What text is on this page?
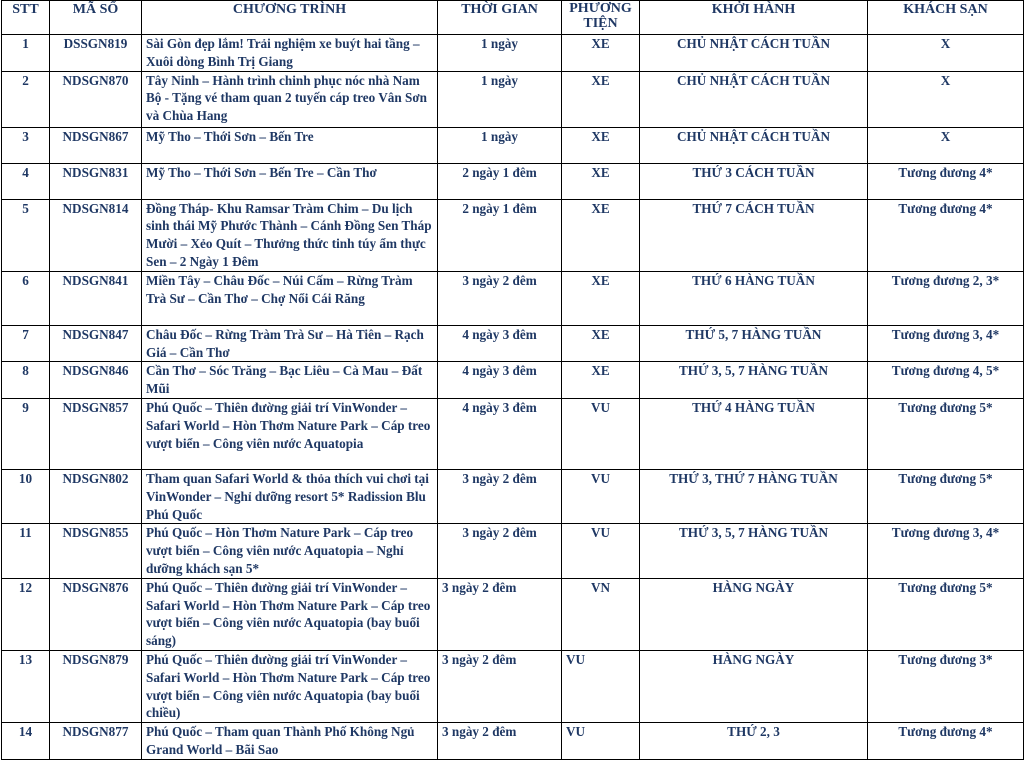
STT	MÃ SỐ	CHƯƠNG TRÌNH	THỜI GIAN	PHƯƠNG TIỆN	KHỞI HÀNH	KHÁCH SẠN
1	DSSGN819	Sài Gòn đẹp lắm! Trải nghiệm xe buýt hai tầng – Xuôi dòng Bình Trị Giang	1 ngày	XE	CHỦ NHẬT CÁCH TUẦN	X
2	NDSGN870	Tây Ninh – Hành trình chinh phục nóc nhà Nam Bộ - Tặng vé tham quan 2 tuyến cáp treo Vân Sơn và Chùa Hang	1 ngày	XE	CHỦ NHẬT CÁCH TUẦN	X
3	NDSGN867	Mỹ Tho – Thới Sơn – Bến Tre	1 ngày	XE	CHỦ NHẬT CÁCH TUẦN	X
4	NDSGN831	Mỹ Tho – Thới Sơn – Bến Tre – Cần Thơ	2 ngày 1 đêm	XE	THỨ 3 CÁCH TUẦN	Tương đương 4*
5	NDSGN814	Đồng Tháp- Khu Ramsar Tràm Chim – Du lịch sinh thái Mỹ Phước Thành – Cánh Đồng Sen Tháp Mười – Xẻo Quít – Thưởng thức tinh túy ẩm thực Sen – 2 Ngày 1 Đêm	2 ngày 1 đêm	XE	THỨ 7 CÁCH TUẦN	Tương đương 4*
6	NDSGN841	Miền Tây – Châu Đốc – Núi Cấm – Rừng Tràm Trà Sư – Cần Thơ – Chợ Nổi Cái Răng	3 ngày 2 đêm	XE	THỨ 6 HÀNG TUẦN	Tương đương 2, 3*
7	NDSGN847	Châu Đốc – Rừng Tràm Trà Sư – Hà Tiên – Rạch Giá – Cần Thơ	4 ngày 3 đêm	XE	THỨ 5, 7 HÀNG TUẦN	Tương đương 3, 4*
8	NDSGN846	Cần Thơ – Sóc Trăng – Bạc Liêu – Cà Mau – Đất Mũi	4 ngày 3 đêm	XE	THỨ 3, 5, 7 HÀNG TUẦN	Tương đương 4, 5*
9	NDSGN857	Phú Quốc – Thiên đường giải trí VinWonder –Safari World – Hòn Thơm Nature Park – Cáp treo vượt biển – Công viên nước Aquatopia	4 ngày 3 đêm	VU	THỨ 4 HÀNG TUẦN	Tương đương 5*
10	NDSGN802	Tham quan Safari World & thỏa thích vui chơi tại VinWonder – Nghỉ dưỡng resort 5* Radission Blu Phú Quốc	3 ngày 2 đêm	VU	THỨ 3, THỨ 7 HÀNG TUẦN	Tương đương 5*
11	NDSGN855	Phú Quốc – Hòn Thơm Nature Park – Cáp treo vượt biển – Công viên nước Aquatopia – Nghỉ dưỡng khách sạn 5*	3 ngày 2 đêm	VU	THỨ 3, 5, 7 HÀNG TUẦN	Tương đương 3, 4*
12	NDSGN876	Phú Quốc – Thiên đường giải trí VinWonder – Safari World – Hòn Thơm Nature Park – Cáp treo vượt biển – Công viên nước Aquatopia (bay buổi sáng)	3 ngày 2 đêm	VN	HÀNG NGÀY	Tương đương 5*
13	NDSGN879	Phú Quốc – Thiên đường giải trí VinWonder – Safari World – Hòn Thơm Nature Park – Cáp treo vượt biển – Công viên nước Aquatopia (bay buổi chiều)	3 ngày 2 đêm	VU	HÀNG NGÀY	Tương đương 3*
14	NDSGN877	Phú Quốc – Tham quan Thành Phố Không Ngủ Grand World – Bãi Sao	3 ngày 2 đêm	VU	THỨ 2, 3	Tương đương 4*
